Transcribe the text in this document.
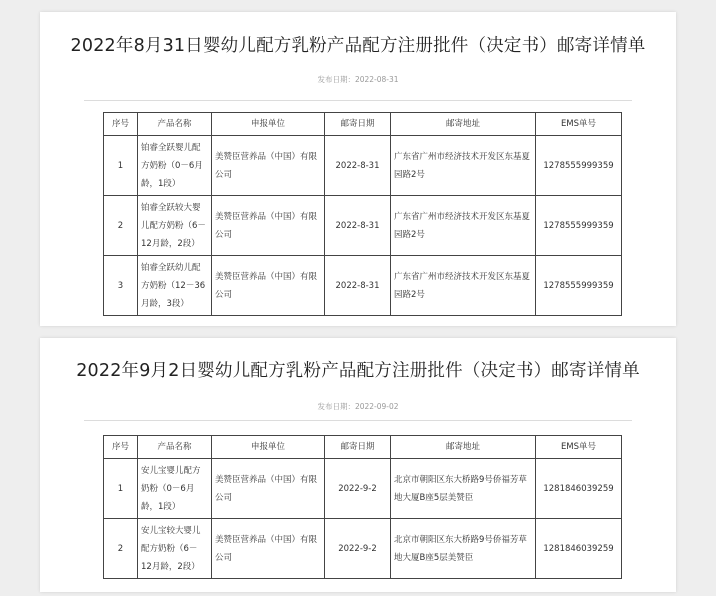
2022年8月31日婴幼儿配方乳粉产品配方注册批件（决定书）邮寄详情单
发布日期：2022-08-31
序号	产品名称	申报单位	邮寄日期	邮寄地址	EMS单号
1	铂睿全跃婴儿配方奶粉（0－6月龄，1段）	美赞臣营养品（中国）有限公司	2022-8-31	广东省广州市经济技术开发区东基夏园路2号	1278555999359
2	铂睿全跃较大婴儿配方奶粉（6－12月龄，2段）	美赞臣营养品（中国）有限公司	2022-8-31	广东省广州市经济技术开发区东基夏园路2号	1278555999359
3	铂睿全跃幼儿配方奶粉（12－36月龄，3段）	美赞臣营养品（中国）有限公司	2022-8-31	广东省广州市经济技术开发区东基夏园路2号	1278555999359
2022年9月2日婴幼儿配方乳粉产品配方注册批件（决定书）邮寄详情单
发布日期：2022-09-02
序号	产品名称	申报单位	邮寄日期	邮寄地址	EMS单号
1	安儿宝婴儿配方奶粉（0－6月龄，1段）	美赞臣营养品（中国）有限公司	2022-9-2	北京市朝阳区东大桥路9号侨福芳草地大厦B座5层美赞臣	1281846039259
2	安儿宝较大婴儿配方奶粉（6－12月龄，2段）	美赞臣营养品（中国）有限公司	2022-9-2	北京市朝阳区东大桥路9号侨福芳草地大厦B座5层美赞臣	1281846039259
